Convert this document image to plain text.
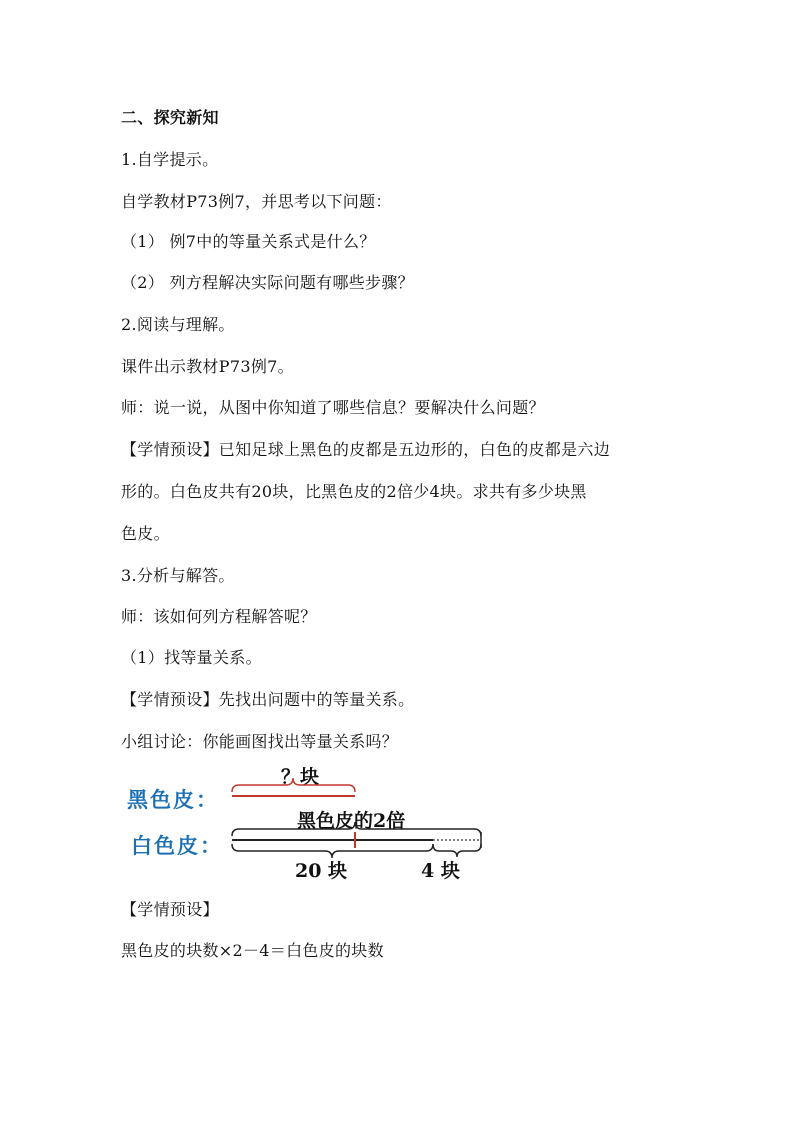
二、探究新知
1.自学提示。
自学教材P73例7，并思考以下问题：
（1） 例7中的等量关系式是什么？
（2） 列方程解决实际问题有哪些步骤？
2.阅读与理解。
课件出示教材P73例7。
师：说一说，从图中你知道了哪些信息？要解决什么问题？
【学情预设】已知足球上黑色的皮都是五边形的，白色的皮都是六边
形的。白色皮共有20块，比黑色皮的2倍少4块。求共有多少块黑
色皮。
3.分析与解答。
师：该如何列方程解答呢？
（1）找等量关系。
【学情预设】先找出问题中的等量关系。
小组讨论：你能画图找出等量关系吗？
黑色皮：
白色皮：
？块
黑色皮的2倍
20 块	4 块
【学情预设】
黑色皮的块数×2－4＝白色皮的块数
